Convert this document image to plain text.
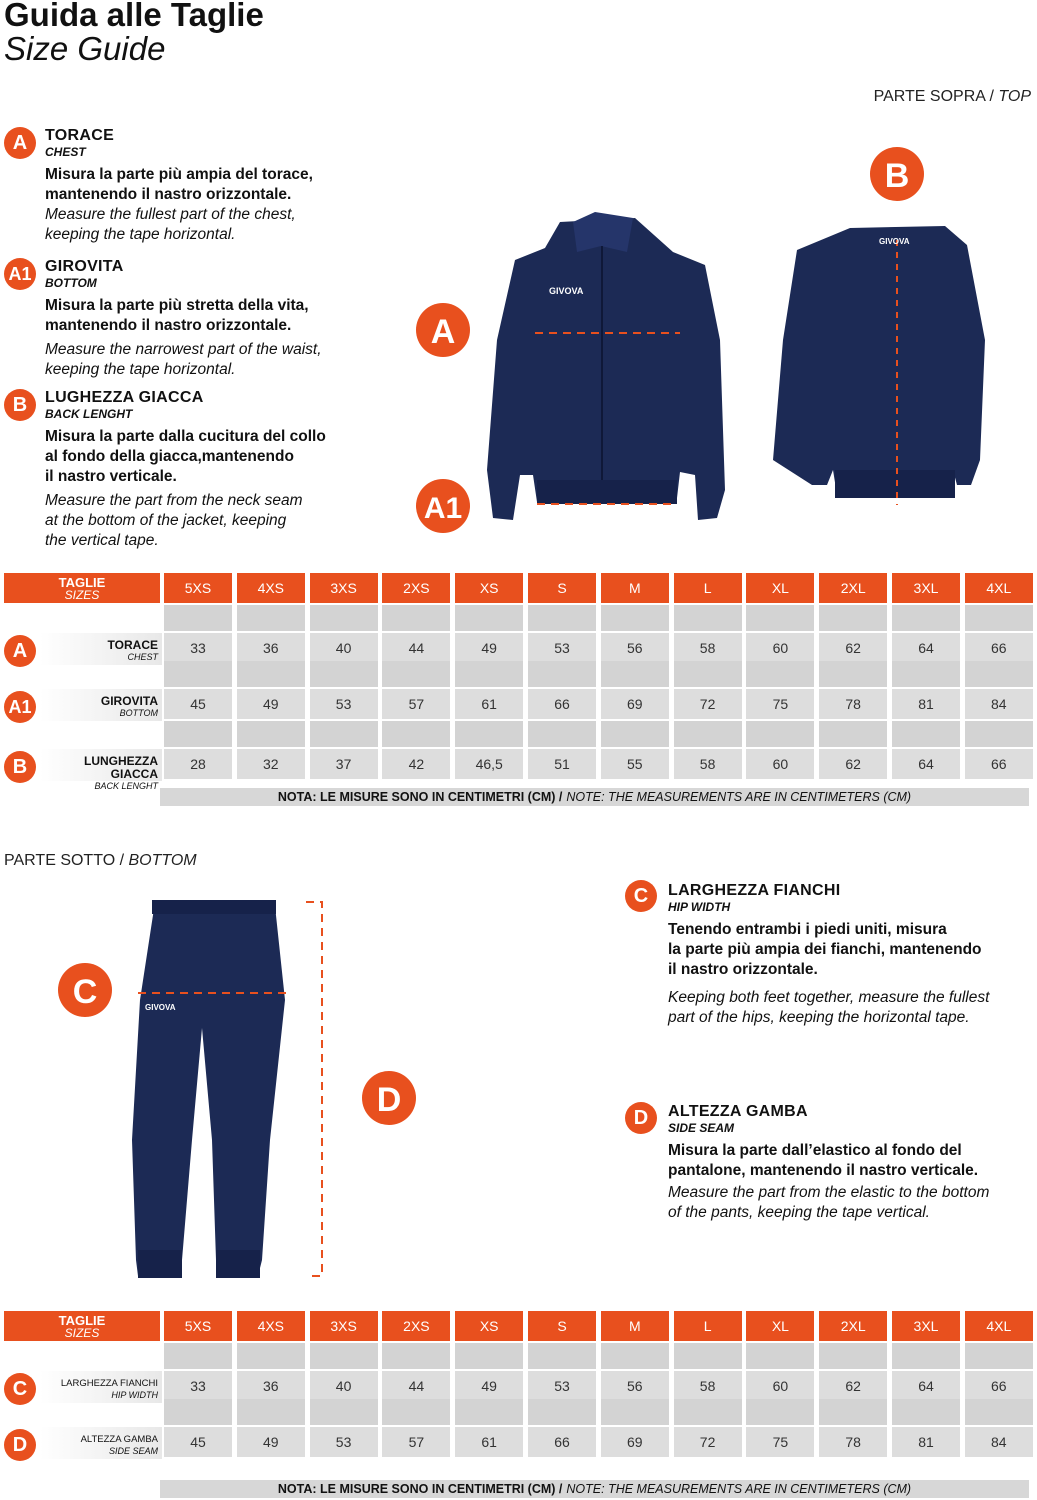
Guida alle Taglie
Size Guide
PARTE SOPRA / TOP
A	TORACE
CHEST
Misura la parte più ampia del torace,
mantenendo il nastro orizzontale.
Measure the fullest part of the chest,
keeping the tape horizontal.
A1 GIROVITA
BOTTOM
Misura la parte più stretta della vita,
mantenendo il nastro orizzontale.
Measure the narrowest part of the waist,
keeping the tape horizontal.
B	LUGHEZZA GIACCA
BACK LENGHT
Misura la parte dalla cucitura del collo
al fondo della giacca,mantenendo
il nastro verticale.
Measure the part from the neck seam
at the bottom of the jacket, keeping
the vertical tape.
GIVOVA
GIVOVA
A
A1
B
TAGLIE
SIZES	5XS	4XS	3XS	2XS	XS	S	M	L	XL	2XL	3XL	4XL
A	TORACE
CHEST
33	36	40	44	49	53	56	58	60	62	64	66
A1	GIROVITA
BOTTOM
45	49	53	57	61	66	69	72	75	78	81	84
B	LUNGHEZZA GIACCA
BACK LENGHT
28	32	37	42	46,5	51	55	58	60	62	64	66
NOTA: LE MISURE SONO IN CENTIMETRI (CM) / NOTE: THE MEASUREMENTS ARE IN CENTIMETERS (CM)
PARTE SOTTO / BOTTOM
GIVOVA
C
D
C	LARGHEZZA FIANCHI
HIP WIDTH
Tenendo entrambi i piedi uniti, misura
la parte più ampia dei fianchi, mantenendo
il nastro orizzontale.
Keeping both feet together, measure the fullest
part of the hips, keeping the horizontal tape.
D	ALTEZZA GAMBA
SIDE SEAM
Misura la parte dall’elastico al fondo del
pantalone, mantenendo il nastro verticale.
Measure the part from the elastic to the bottom
of the pants, keeping the tape vertical.
TAGLIE
SIZES	5XS	4XS	3XS	2XS	XS	S	M	L	XL	2XL	3XL	4XL
C	LARGHEZZA FIANCHI
HIP WIDTH
33	36	40	44	49	53	56	58	60	62	64	66
D	ALTEZZA GAMBA
SIDE SEAM
45	49	53	57	61	66	69	72	75	78	81	84
NOTA: LE MISURE SONO IN CENTIMETRI (CM) / NOTE: THE MEASUREMENTS ARE IN CENTIMETERS (CM)
